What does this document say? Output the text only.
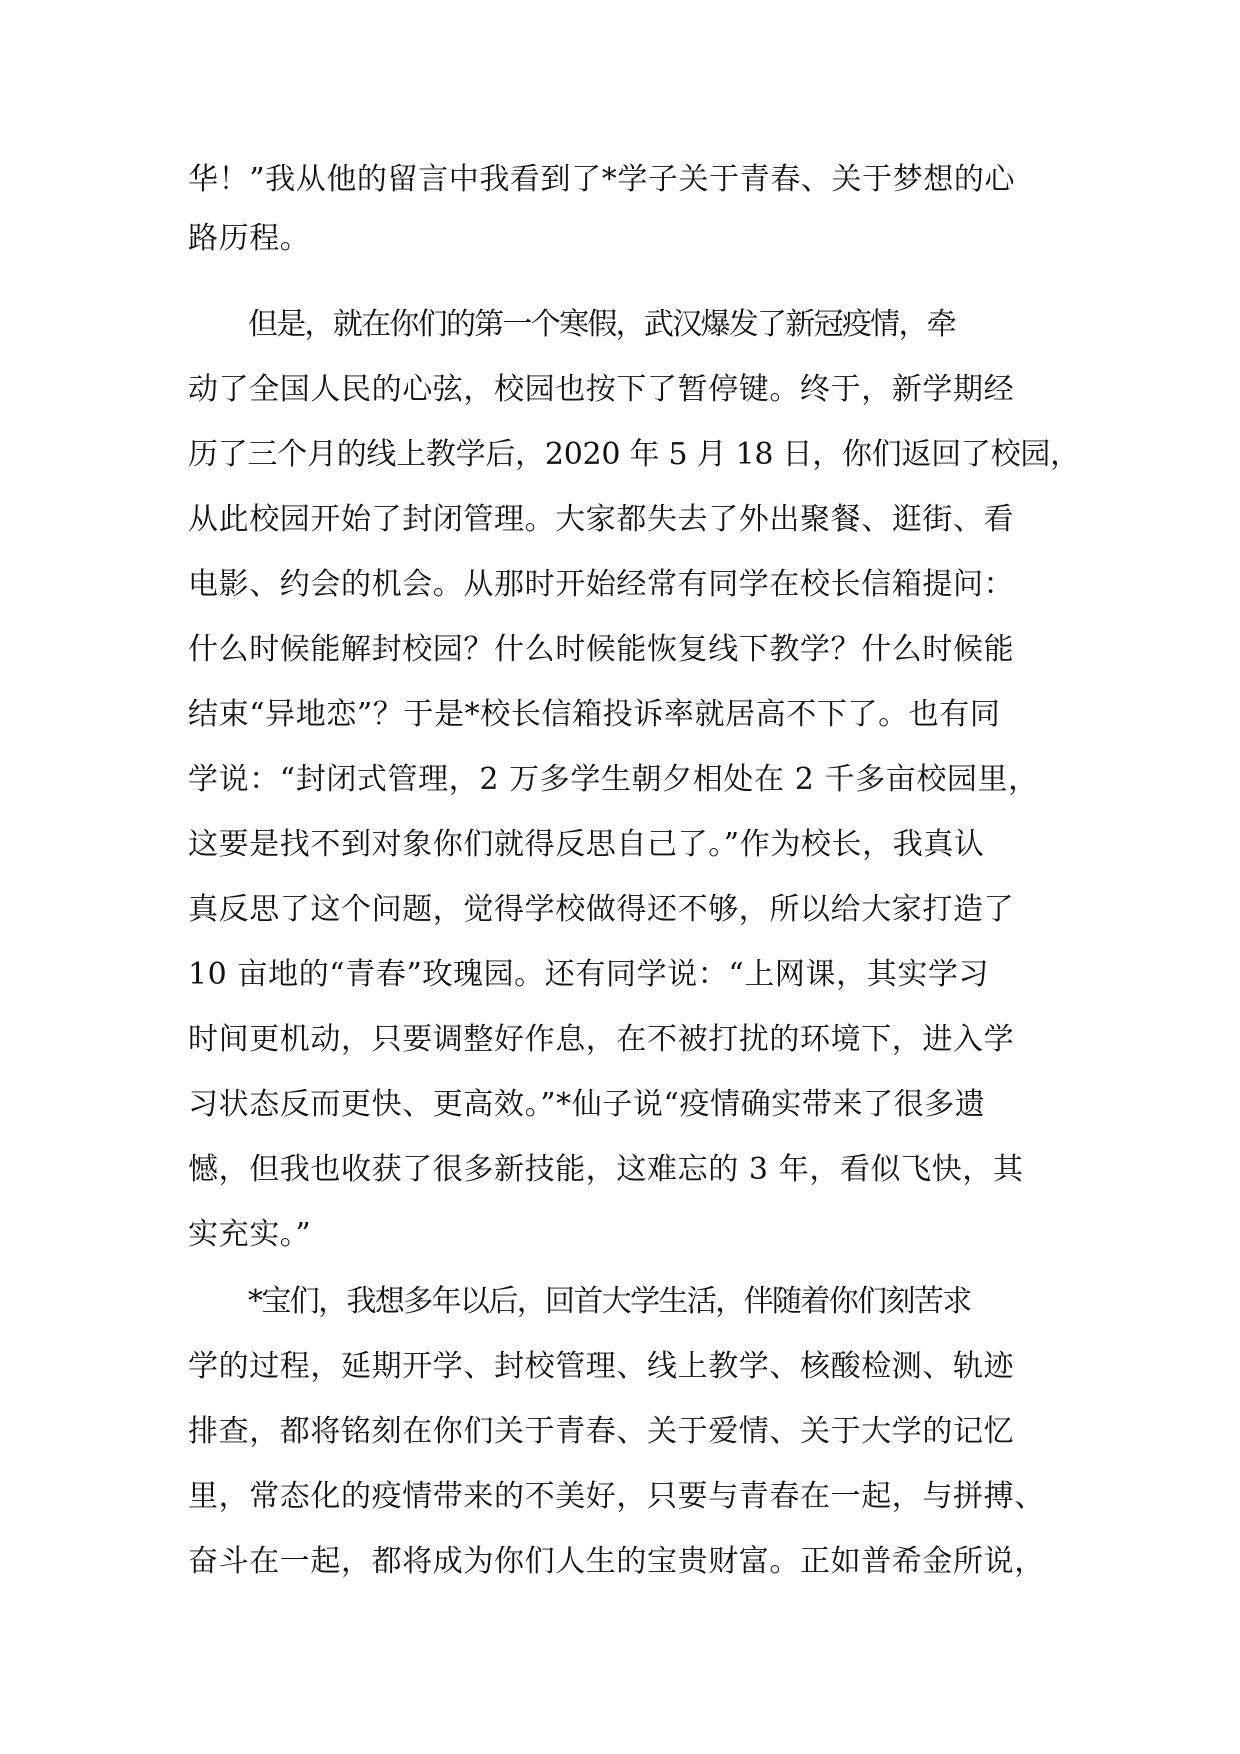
华！”我从他的留言中我看到了*学子关于青春、关于梦想的心
路历程。
但是，就在你们的第一个寒假，武汉爆发了新冠疫情，牵
动了全国人民的心弦，校园也按下了暂停键。终于，新学期经
历了三个月的线上教学后，2020 年 5 月 18 日，你们返回了校园，
从此校园开始了封闭管理。大家都失去了外出聚餐、逛街、看
电影、约会的机会。从那时开始经常有同学在校长信箱提问：
什么时候能解封校园？什么时候能恢复线下教学？什么时候能
结束“异地恋”？于是*校长信箱投诉率就居高不下了。也有同
学说：“封闭式管理，2 万多学生朝夕相处在 2 千多亩校园里，
这要是找不到对象你们就得反思自己了。”作为校长，我真认
真反思了这个问题，觉得学校做得还不够，所以给大家打造了
10 亩地的“青春”玫瑰园。还有同学说：“上网课，其实学习
时间更机动，只要调整好作息，在不被打扰的环境下，进入学
习状态反而更快、更高效。”*仙子说“疫情确实带来了很多遗
憾，但我也收获了很多新技能，这难忘的 3 年，看似飞快，其
实充实。”
*宝们，我想多年以后，回首大学生活，伴随着你们刻苦求
学的过程，延期开学、封校管理、线上教学、核酸检测、轨迹
排查，都将铭刻在你们关于青春、关于爱情、关于大学的记忆
里，常态化的疫情带来的不美好，只要与青春在一起，与拼搏、
奋斗在一起，都将成为你们人生的宝贵财富。正如普希金所说，
